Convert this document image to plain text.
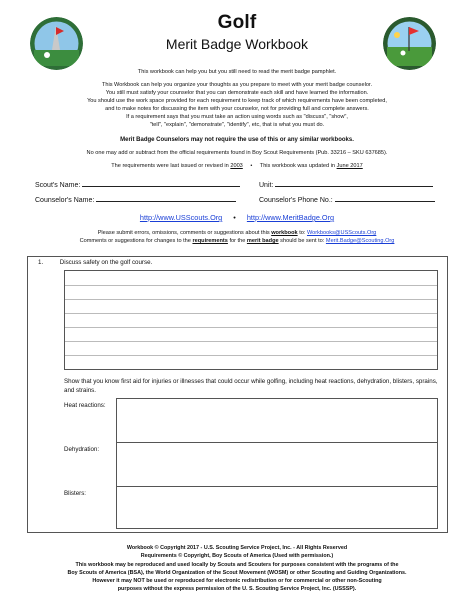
Golf
Merit Badge Workbook
This workbook can help you but you still need to read the merit badge pamphlet.
This Workbook can help you organize your thoughts as you prepare to meet with your merit badge counselor.
You still must satisfy your counselor that you can demonstrate each skill and have learned the information.
You should use the work space provided for each requirement to keep track of which requirements have been completed,
and to make notes for discussing the item with your counselor, not for providing full and complete answers.
If a requirement says that you must take an action using words such as "discuss", "show",
"tell", "explain", "demonstrate", "identify", etc, that is what you must do.
Merit Badge Counselors may not require the use of this or any similar workbooks.
No one may add or subtract from the official requirements found in Boy Scout Requirements (Pub. 33216 – SKU 637685).
The requirements were last issued or revised in 2003 • This workbook was updated in June 2017
Scout's Name:	Unit:
Counselor's Name:	Counselor's Phone No.:
http://www.USScouts.Org • http://www.MeritBadge.Org
Please submit errors, omissions, comments or suggestions about this workbook to: Workbooks@USScouts.Org
Comments or suggestions for changes to the requirements for the merit badge should be sent to: Merit.Badge@Scouting.Org
1.	Discuss safety on the golf course.
Show that you know first aid for injuries or illnesses that could occur while golfing, including heat reactions, dehydration, blisters, sprains, and strains.
Heat reactions:
Dehydration:
Blisters:
Workbook © Copyright 2017 - U.S. Scouting Service Project, Inc. - All Rights Reserved
Requirements © Copyright, Boy Scouts of America (Used with permission.)
This workbook may be reproduced and used locally by Scouts and Scouters for purposes consistent with the programs of the
Boy Scouts of America (BSA), the World Organization of the Scout Movement (WOSM) or other Scouting and Guiding Organizations.
However it may NOT be used or reproduced for electronic redistribution or for commercial or other non-Scouting
purposes without the express permission of the U. S. Scouting Service Project, Inc. (USSSP).
